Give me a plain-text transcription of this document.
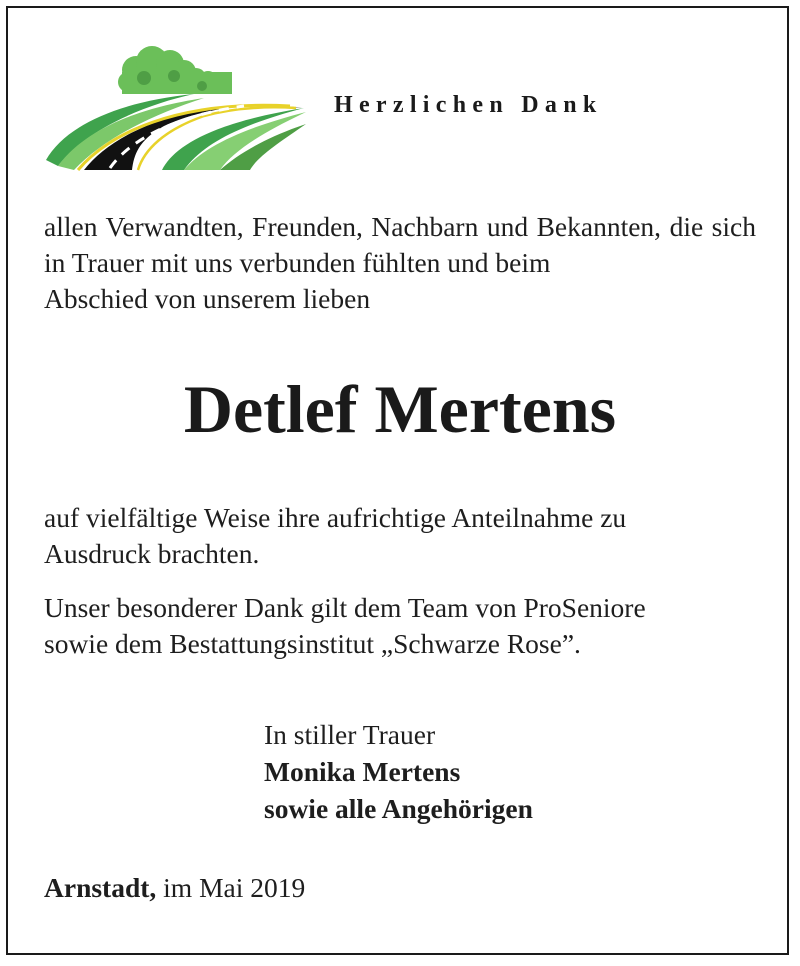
Herzlichen Dank
allen Verwandten, Freunden, Nachbarn und Bekannten, die sich in Trauer mit uns verbunden fühlten und beim
Abschied von unserem lieben
Detlef Mertens
auf vielfältige Weise ihre aufrichtige Anteilnahme zu
Ausdruck brachten.
Unser besonderer Dank gilt dem Team von ProSeniore
sowie dem Bestattungsinstitut „Schwarze Rose”.
In stiller Trauer
Monika Mertens
sowie alle Angehörigen
Arnstadt, im Mai 2019
